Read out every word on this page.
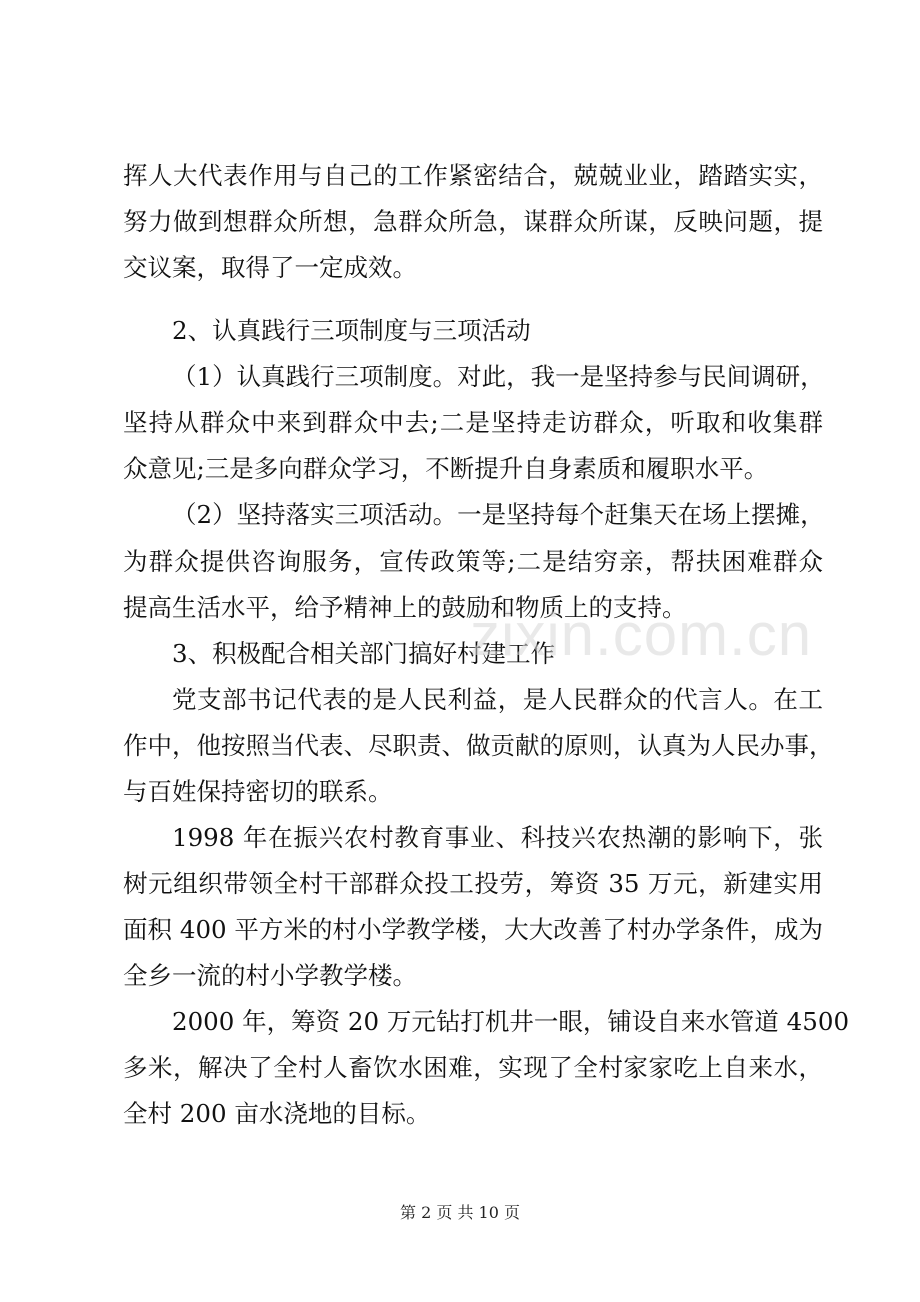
挥人大代表作用与自己的工作紧密结合，兢兢业业，踏踏实实，
努力做到想群众所想，急群众所急，谋群众所谋，反映问题，提
交议案，取得了一定成效。
2、认真践行三项制度与三项活动
（1）认真践行三项制度。对此，我一是坚持参与民间调研，
坚持从群众中来到群众中去;二是坚持走访群众，听取和收集群
众意见;三是多向群众学习，不断提升自身素质和履职水平。
（2）坚持落实三项活动。一是坚持每个赶集天在场上摆摊，
为群众提供咨询服务，宣传政策等;二是结穷亲，帮扶困难群众
提高生活水平，给予精神上的鼓励和物质上的支持。
3、积极配合相关部门搞好村建工作
党支部书记代表的是人民利益，是人民群众的代言人。在工
作中，他按照当代表、尽职责、做贡献的原则，认真为人民办事，
与百姓保持密切的联系。
1998 年在振兴农村教育事业、科技兴农热潮的影响下，张
树元组织带领全村干部群众投工投劳，筹资 35 万元，新建实用
面积 400 平方米的村小学教学楼，大大改善了村办学条件，成为
全乡一流的村小学教学楼。
2000 年，筹资 20 万元钻打机井一眼，铺设自来水管道 4500
多米，解决了全村人畜饮水困难，实现了全村家家吃上自来水，
全村 200 亩水浇地的目标。
zixin.com.cn
第 2 页 共 10 页
